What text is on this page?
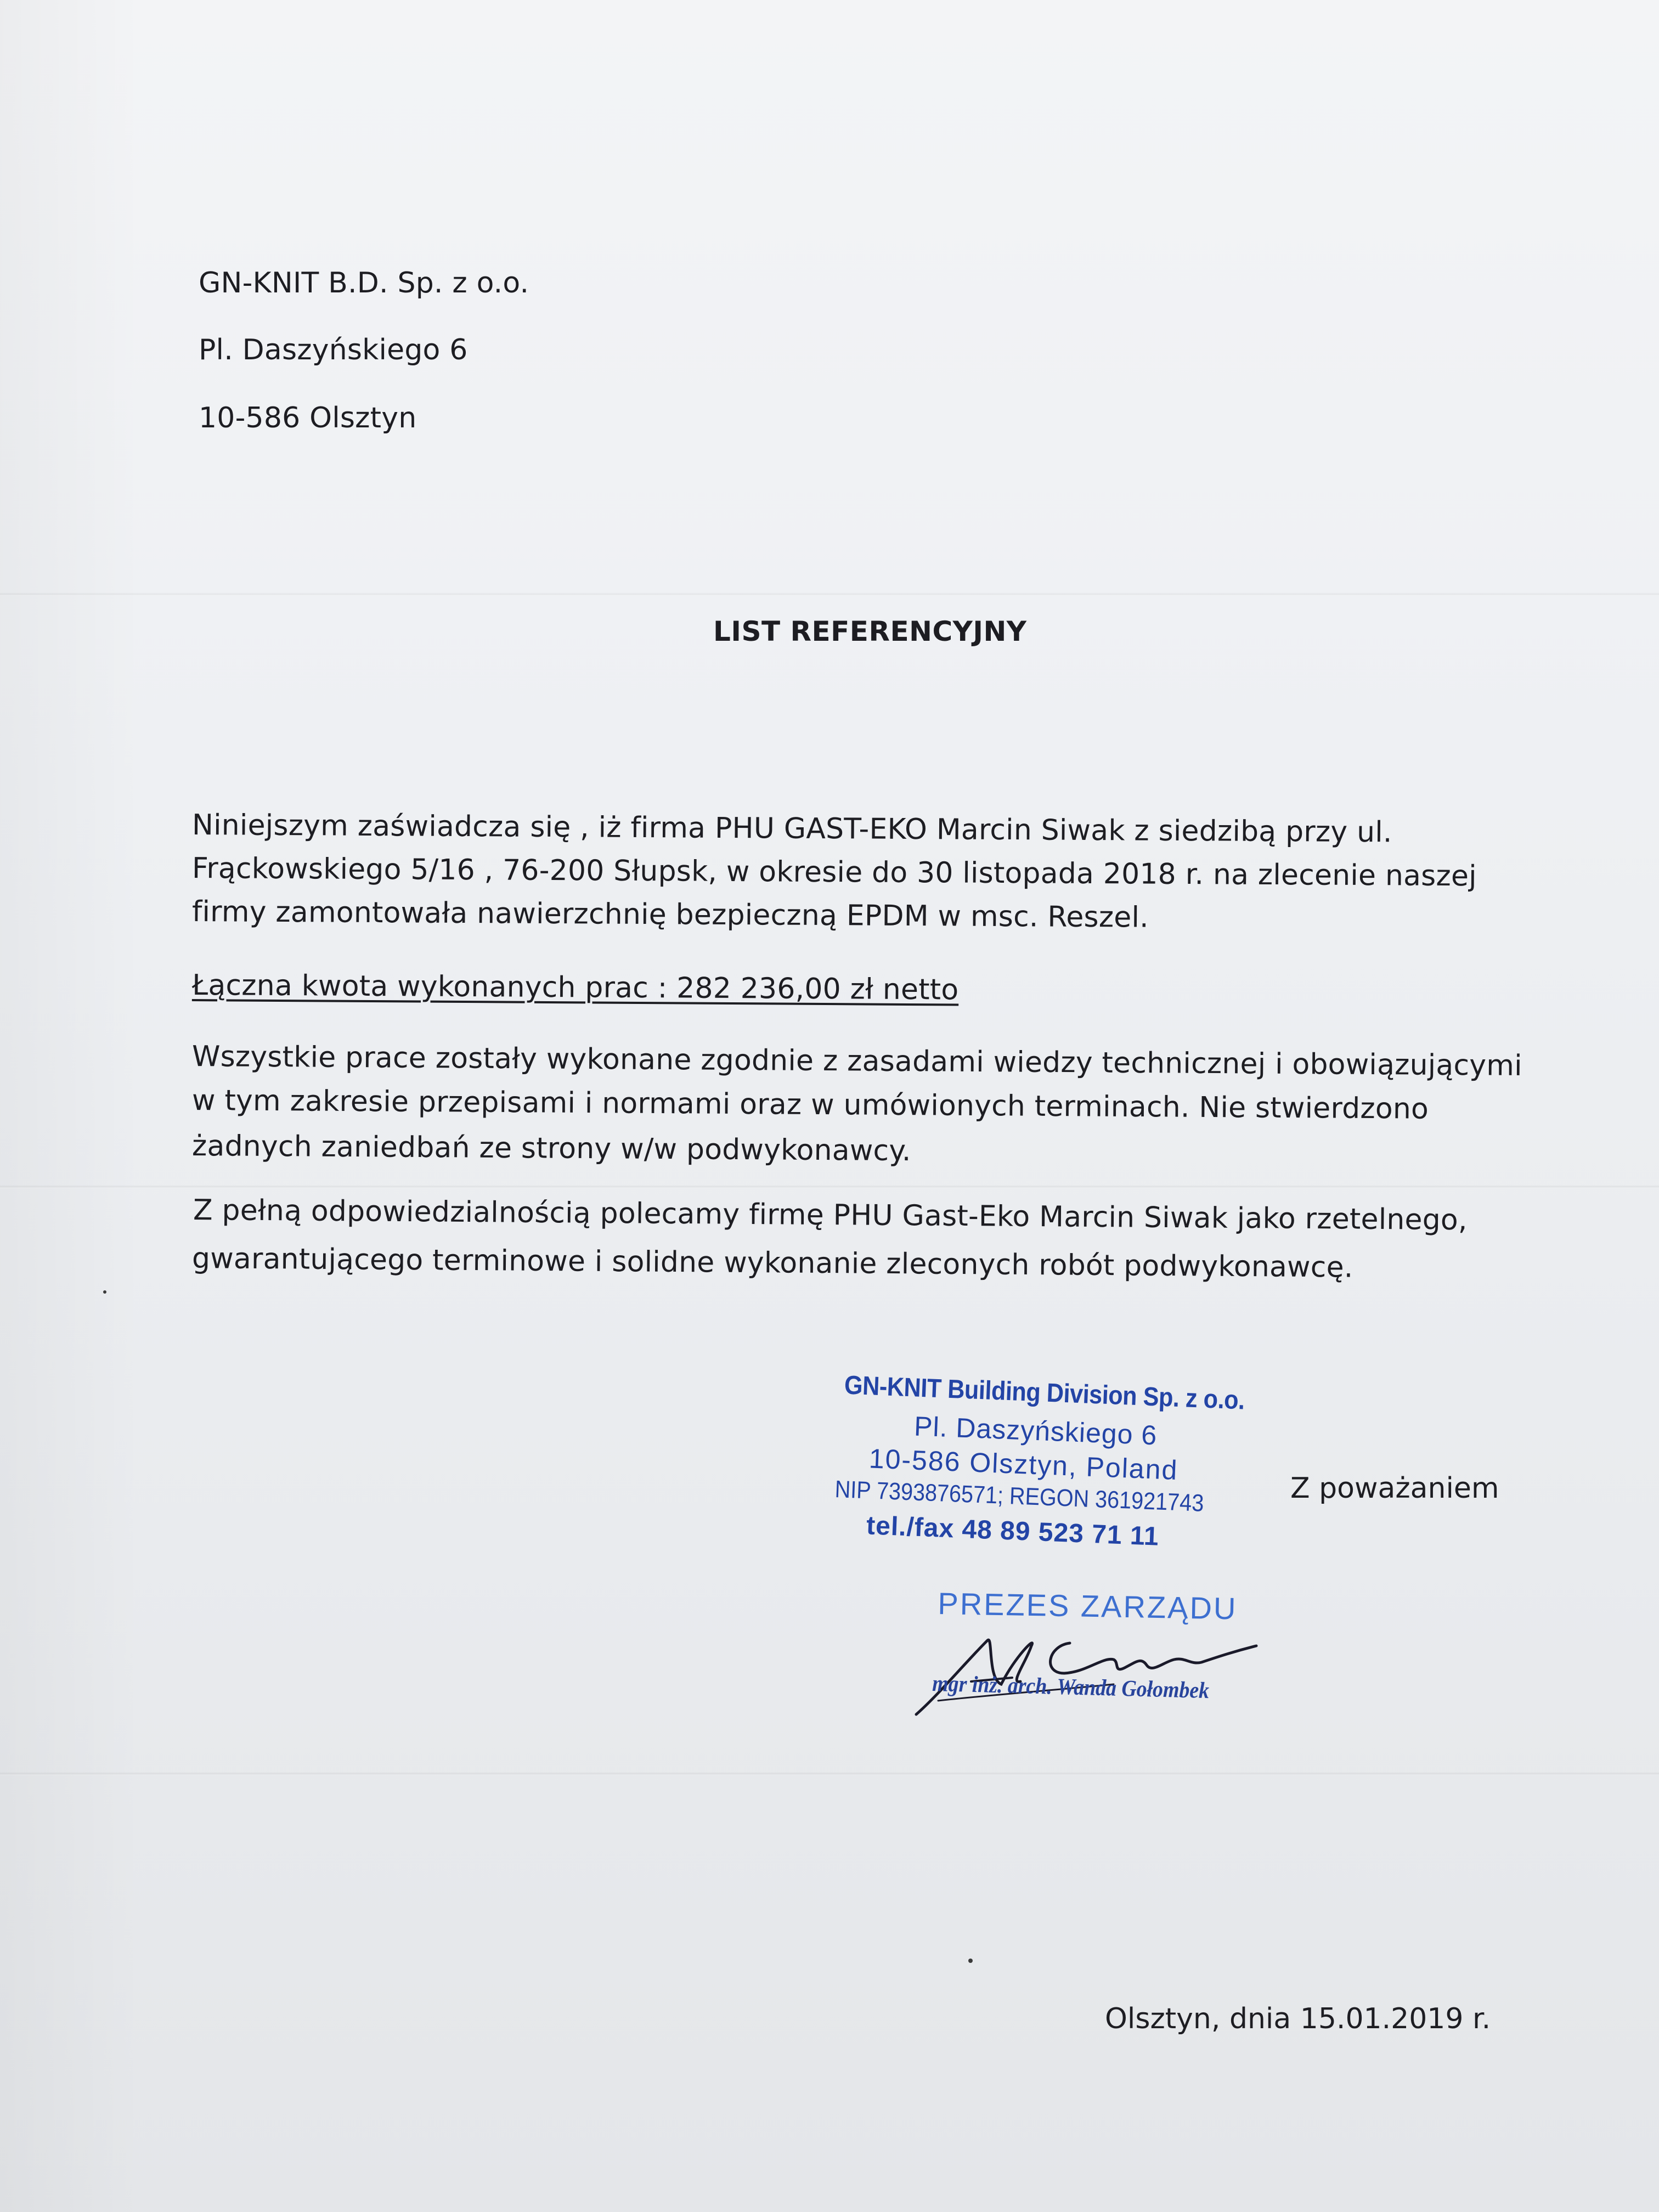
GN-KNIT B.D. Sp. z o.o.
Pl. Daszyńskiego 6
10-586 Olsztyn
LIST REFERENCYJNY
Niniejszym zaświadcza się , iż firma PHU GAST-EKO Marcin Siwak z siedzibą przy ul.
Frąckowskiego 5/16 , 76-200 Słupsk, w okresie do 30 listopada 2018 r. na zlecenie naszej
firmy zamontowała nawierzchnię bezpieczną EPDM w msc. Reszel.
Łączna kwota wykonanych prac : 282 236,00 zł netto
Wszystkie prace zostały wykonane zgodnie z zasadami wiedzy technicznej i obowiązującymi
w tym zakresie przepisami i normami oraz w umówionych terminach. Nie stwierdzono
żadnych zaniedbań ze strony w/w podwykonawcy.
Z pełną odpowiedzialnością polecamy firmę PHU Gast-Eko Marcin Siwak jako rzetelnego,
gwarantującego terminowe i solidne wykonanie zleconych robót podwykonawcę.
GN-KNIT Building Division Sp. z o.o.
Pl. Daszyńskiego 6
10-586 Olsztyn, Poland
NIP 7393876571; REGON 361921743
tel./fax 48 89 523 71 11
Z poważaniem
PREZES ZARZĄDU
mgr inż. arch. Wanda Gołombek
Olsztyn, dnia 15.01.2019 r.
